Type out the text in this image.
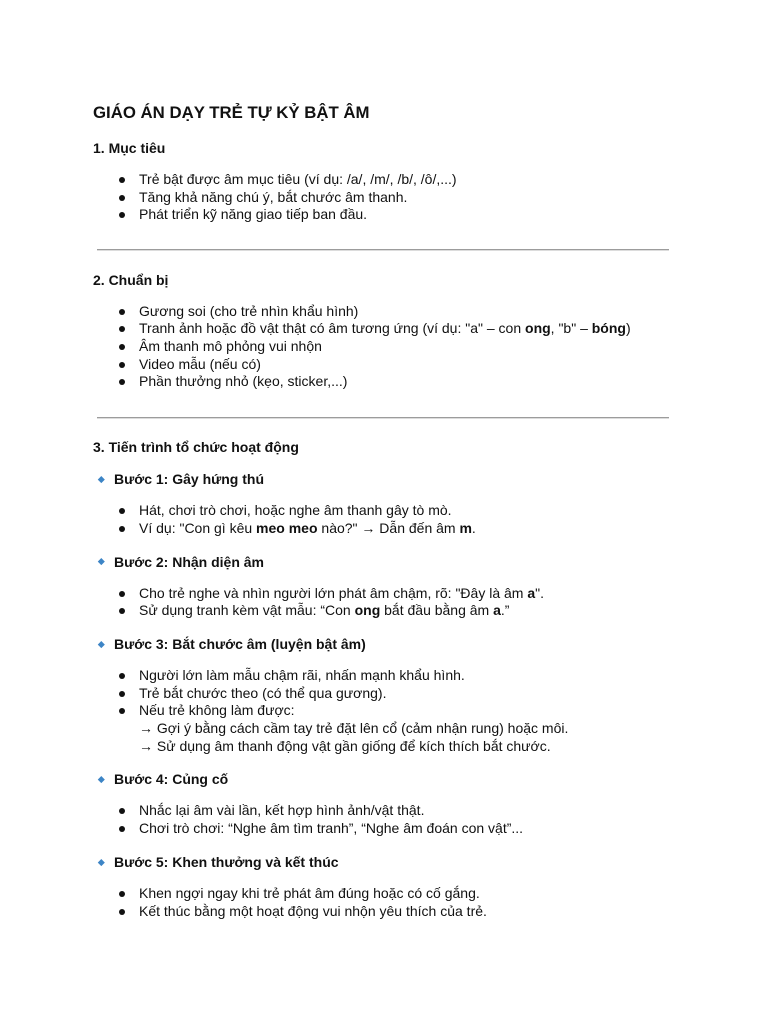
GIÁO ÁN DẠY TRẺ TỰ KỶ BẬT ÂM
1. Mục tiêu
Trẻ bật được âm mục tiêu (ví dụ: /a/, /m/, /b/, /ô/,...)
Tăng khả năng chú ý, bắt chước âm thanh.
Phát triển kỹ năng giao tiếp ban đầu.
2. Chuẩn bị
Gương soi (cho trẻ nhìn khẩu hình)
Tranh ảnh hoặc đồ vật thật có âm tương ứng (ví dụ: "a" – con ong, "b" – bóng)
Âm thanh mô phỏng vui nhộn
Video mẫu (nếu có)
Phần thưởng nhỏ (kẹo, sticker,...)
3. Tiến trình tổ chức hoạt động
Bước 1: Gây hứng thú
Hát, chơi trò chơi, hoặc nghe âm thanh gây tò mò.
Ví dụ: "Con gì kêu meo meo nào?" → Dẫn đến âm m.
Bước 2: Nhận diện âm
Cho trẻ nghe và nhìn người lớn phát âm chậm, rõ: "Đây là âm a".
Sử dụng tranh kèm vật mẫu: “Con ong bắt đầu bằng âm a.”
Bước 3: Bắt chước âm (luyện bật âm)
Người lớn làm mẫu chậm rãi, nhấn mạnh khẩu hình.
Trẻ bắt chước theo (có thể qua gương).
Nếu trẻ không làm được:
→ Gợi ý bằng cách cầm tay trẻ đặt lên cổ (cảm nhận rung) hoặc môi.
→ Sử dụng âm thanh động vật gần giống để kích thích bắt chước.
Bước 4: Củng cố
Nhắc lại âm vài lần, kết hợp hình ảnh/vật thật.
Chơi trò chơi: “Nghe âm tìm tranh”, “Nghe âm đoán con vật”...
Bước 5: Khen thưởng và kết thúc
Khen ngợi ngay khi trẻ phát âm đúng hoặc có cố gắng.
Kết thúc bằng một hoạt động vui nhộn yêu thích của trẻ.
